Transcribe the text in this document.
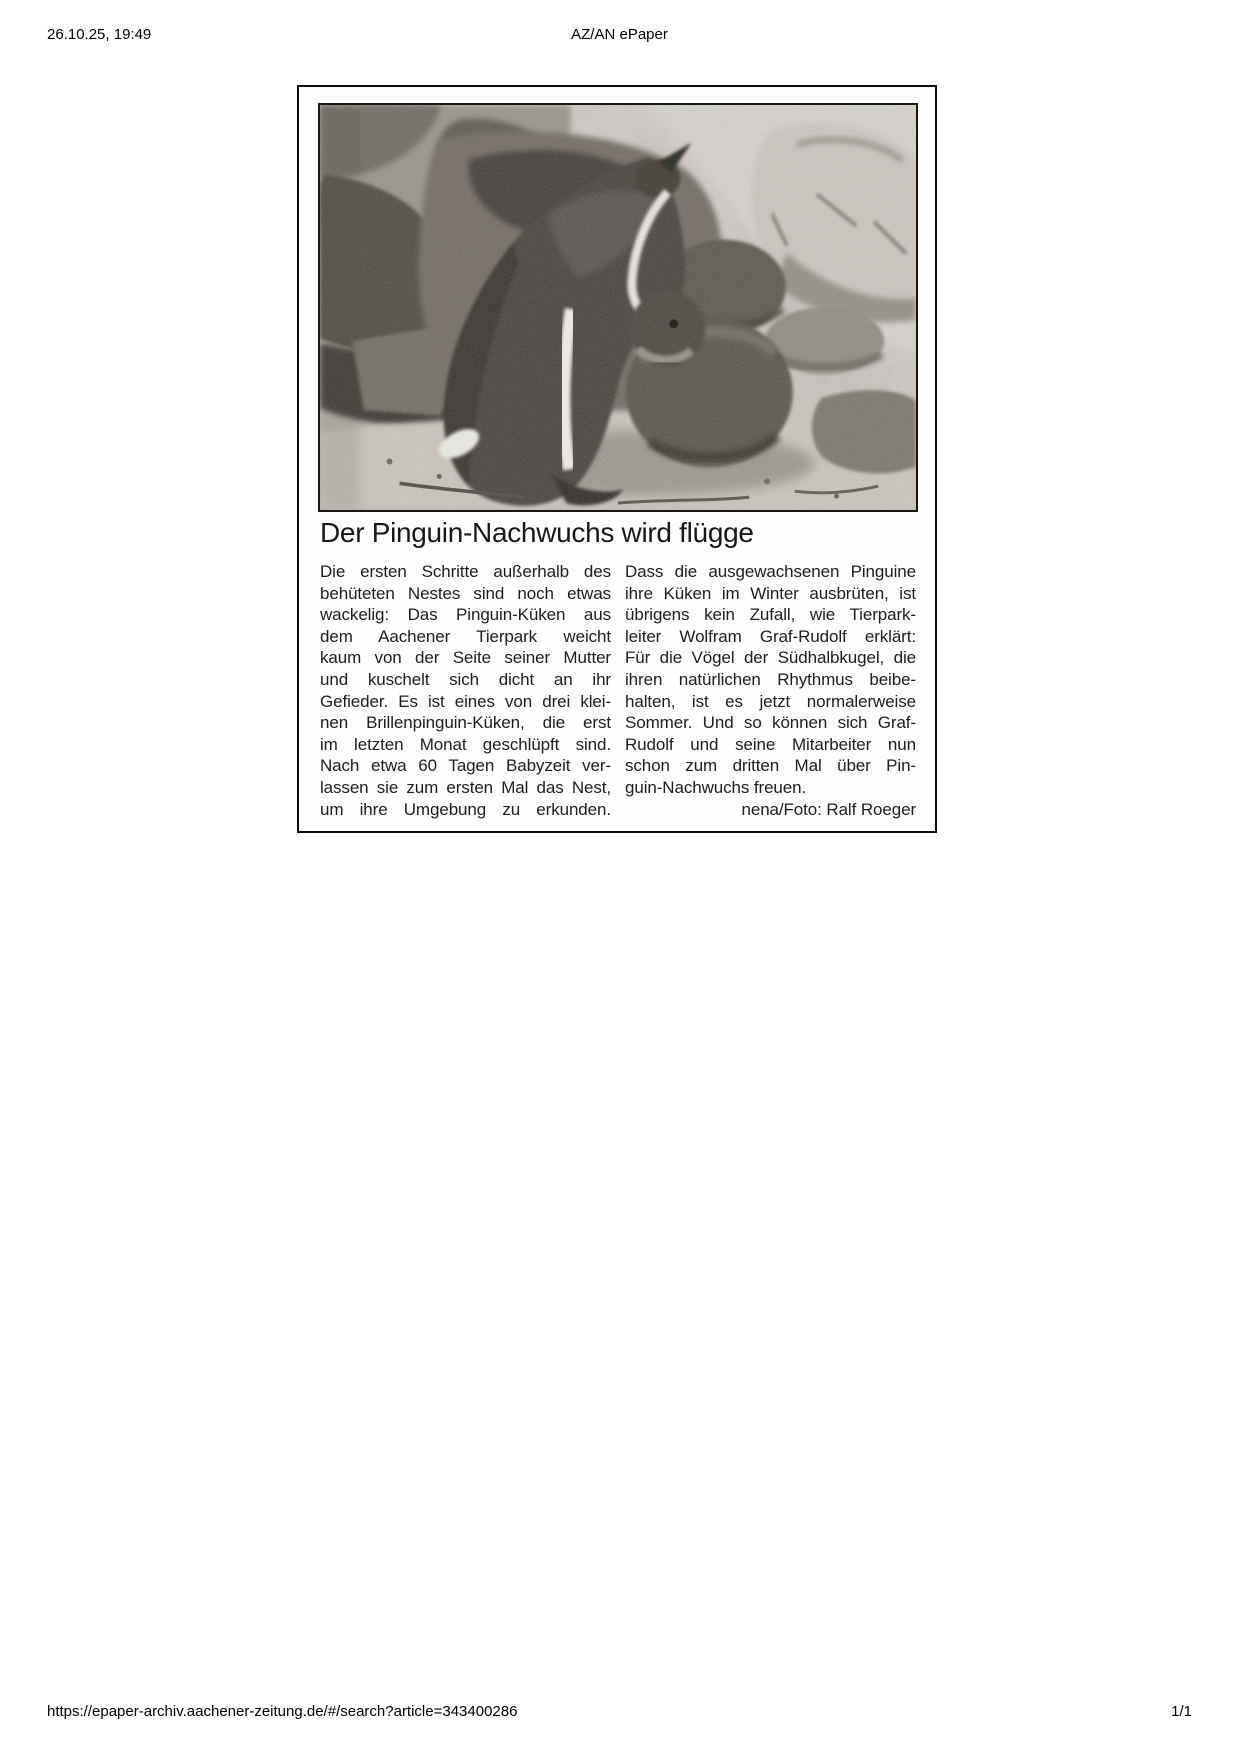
26.10.25, 19:49	AZ/AN ePaper
Der Pinguin-Nachwuchs wird flügge
Die ersten Schritte außerhalb des
behüteten Nestes sind noch etwas
wackelig: Das Pinguin-Küken aus
dem Aachener Tierpark weicht
kaum von der Seite seiner Mutter
und kuschelt sich dicht an ihr
Gefieder. Es ist eines von drei klei-
nen Brillenpinguin-Küken, die erst
im letzten Monat geschlüpft sind.
Nach etwa 60 Tagen Babyzeit ver-
lassen sie zum ersten Mal das Nest,
um ihre Umgebung zu erkunden.
Dass die ausgewachsenen Pinguine
ihre Küken im Winter ausbrüten, ist
übrigens kein Zufall, wie Tierpark-
leiter Wolfram Graf-Rudolf erklärt:
Für die Vögel der Südhalbkugel, die
ihren natürlichen Rhythmus beibe-
halten, ist es jetzt normalerweise
Sommer. Und so können sich Graf-
Rudolf und seine Mitarbeiter nun
schon zum dritten Mal über Pin-
guin-Nachwuchs freuen.
nena/Foto: Ralf Roeger
https://epaper-archiv.aachener-zeitung.de/#/search?article=343400286	1/1
